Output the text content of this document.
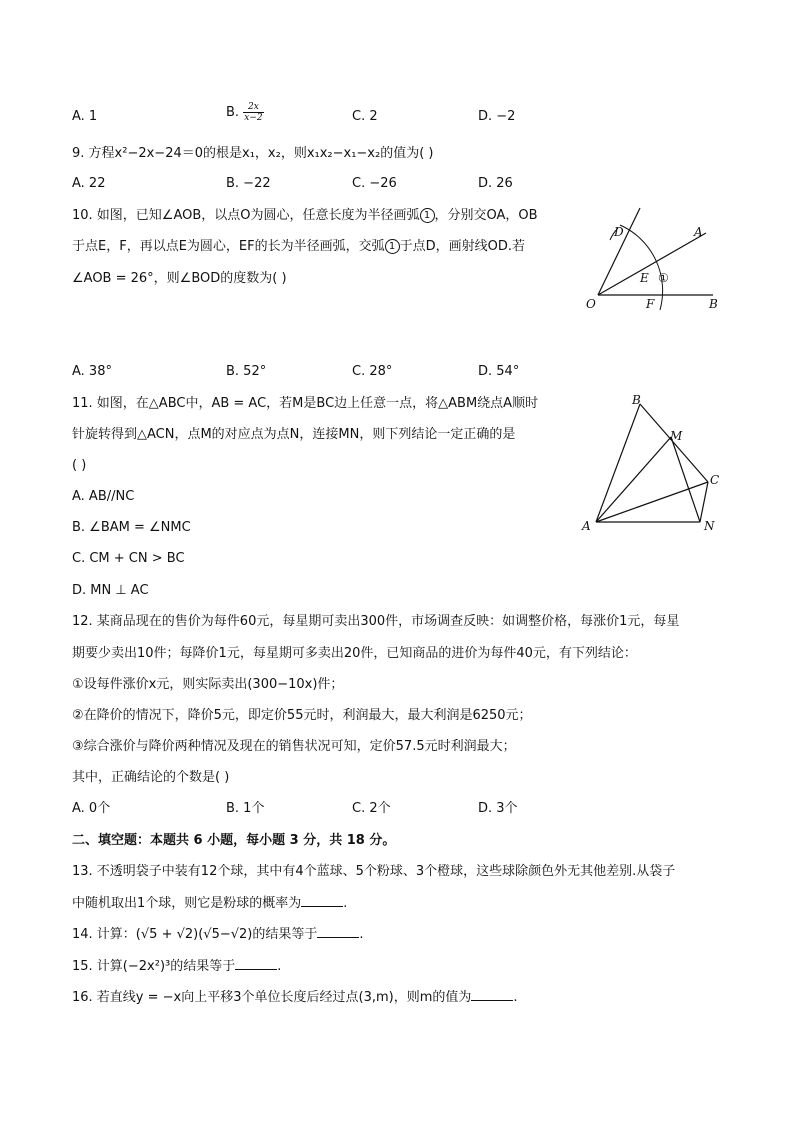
A. 1	B. $\frac{2x}{x-2}$	C. 2	D. −2
9. 方程x²−2x−24＝0的根是x₁，x₂，则x₁x₂−x₁−x₂的值为( )
A. 22	B. −22	C. −26	D. 26
10. 如图，已知∠AOB，以点O为圆心，任意长度为半径画弧 1 ，分别交OA，OB
于点E，F，再以点E为圆心，EF的长为半径画弧，交弧 1 于点D，画射线OD.若
∠AOB = 26°，则∠BOD的度数为( )
D	A
E ①
O	F	B
A. 38°	B. 52°	C. 28°	D. 54°
11. 如图，在△ABC中，AB = AC，若M是BC边上任意一点，将△ABM绕点A顺时
针旋转得到△ACN，点M的对应点为点N，连接MN，则下列结论一定正确的是
( )
A. AB//NC
B. ∠BAM = ∠NMC
C. CM + CN > BC
D. MN ⊥ AC
B
M
C
A	N
12. 某商品现在的售价为每件60元，每星期可卖出300件，市场调查反映：如调整价格，每涨价1元，每星
期要少卖出10件；每降价1元，每星期可多卖出20件，已知商品的进价为每件40元，有下列结论：
①设每件涨价x元，则实际卖出(300−10x)件；
②在降价的情况下，降价5元，即定价55元时，利润最大，最大利润是6250元；
③综合涨价与降价两种情况及现在的销售状况可知，定价57.5元时利润最大；
其中，正确结论的个数是( )
A. 0个	B. 1个	C. 2个	D. 3个
二、填空题：本题共 6 小题，每小题 3 分，共 18 分。
13. 不透明袋子中装有12个球，其中有4个蓝球、5个粉球、3个橙球，这些球除颜色外无其他差别.从袋子
中随机取出1个球，则它是粉球的概率为	.
14. 计算：(√5 + √2)(√5−√2)的结果等于	.
15. 计算(−2x²)³的结果等于	.
16. 若直线y = −x向上平移3个单位长度后经过点(3,m)，则m的值为	.
